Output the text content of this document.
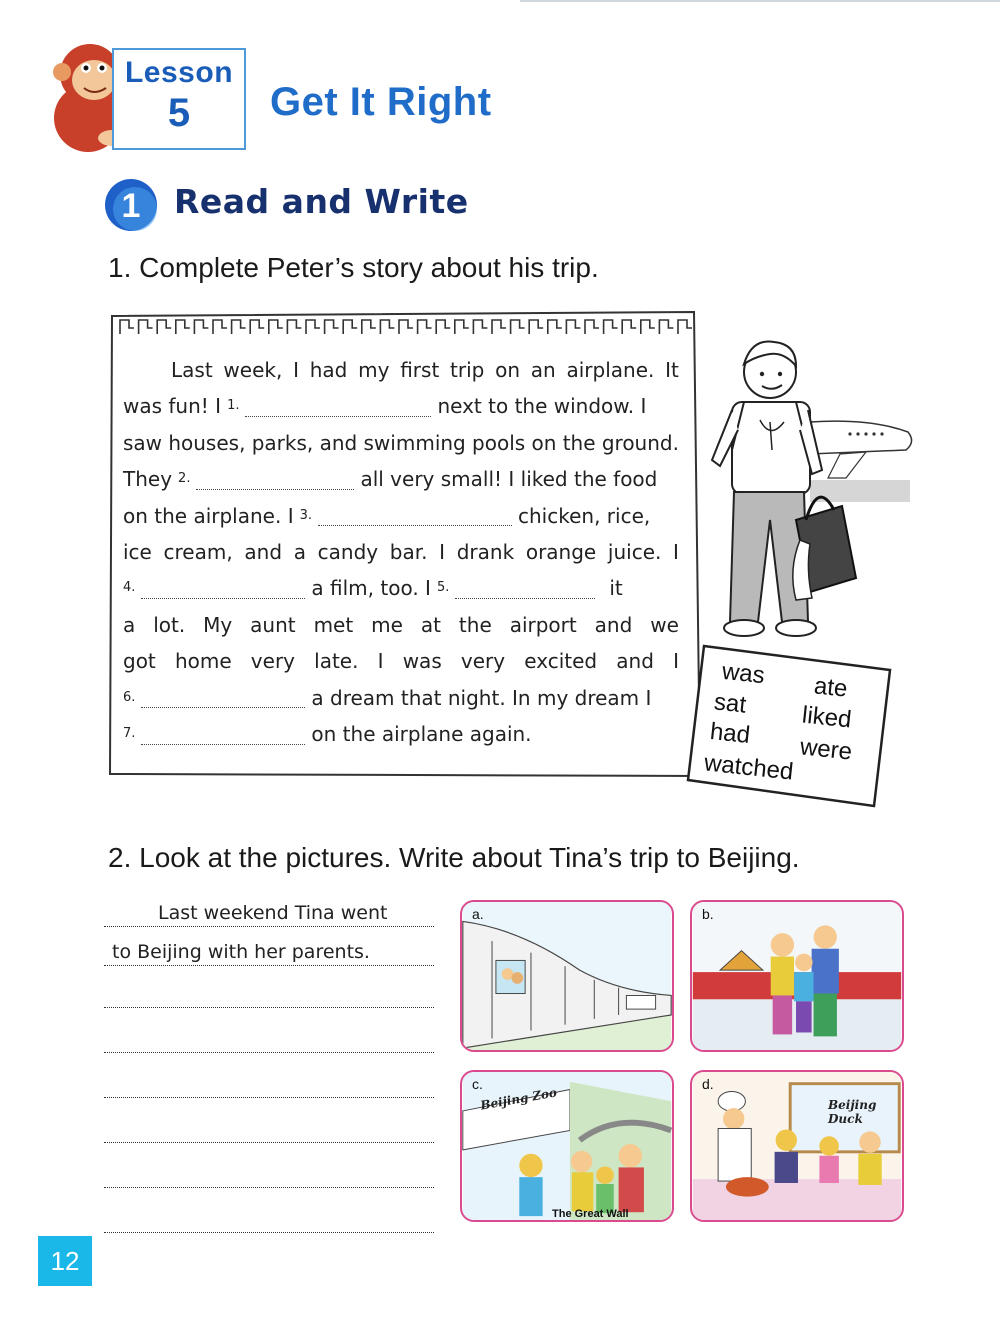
Lesson
5	Get It Right
1 Read and Write
1. Complete Peter’s story about his trip.
Last week, I had my first trip on an airplane. It
was fun! I 1.	next to the window. I
saw houses, parks, and swimming pools on the ground.
They 2.	all very small! I liked the food
on the airplane. I 3.	chicken, rice,
ice cream, and a candy bar. I drank orange juice. I
4.	a film, too. I 5.	it
a lot. My aunt met me at the airport and we
got home very late. I was very excited and I
6.	a dream that night. In my dream I
7.	on the airplane again.
was ate
sat liked
had were
watched
2. Look at the pictures. Write about Tina’s trip to Beijing.
Last weekend Tina went
to Beijing with her parents.
a.	b.
c.
Beijing Zoo
The Great Wall
d.
Beijing Duck
12
